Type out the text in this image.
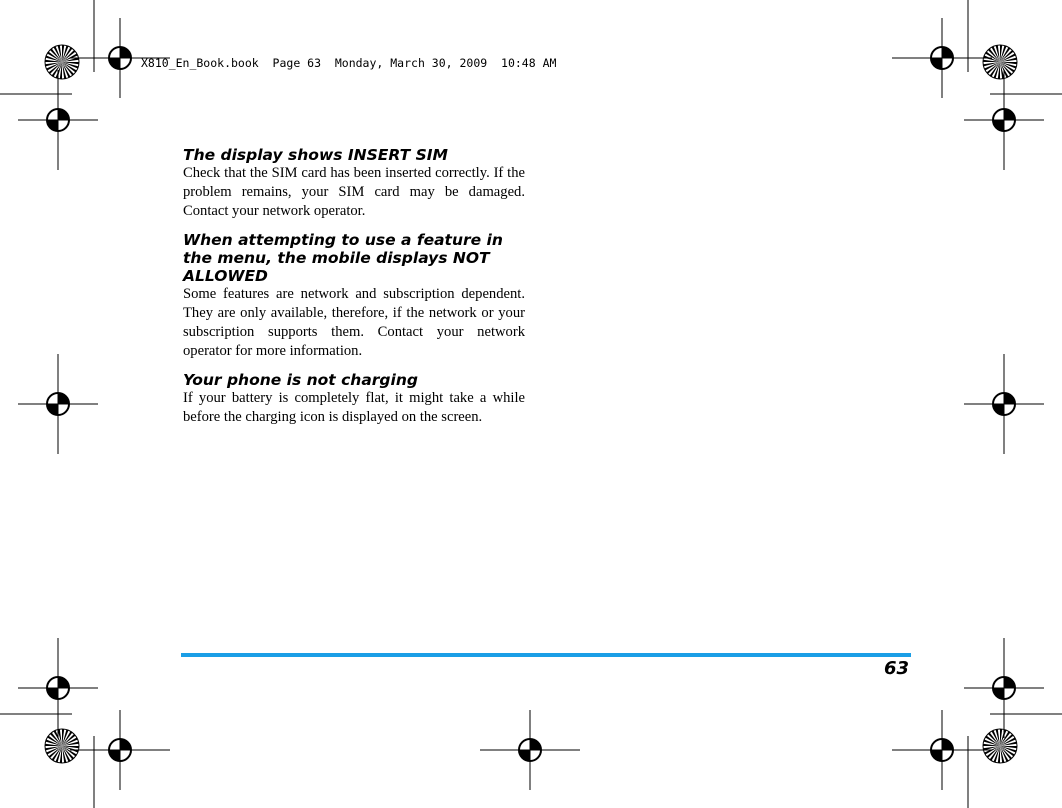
X810_En_Book.book  Page 63  Monday, March 30, 2009  10:48 AM
The display shows INSERT SIM

Check that the SIM card has been inserted correctly. If the problem remains, your SIM card may be damaged. Contact your network operator.

When attempting to use a feature in the menu, the mobile displays NOT ALLOWED

Some features are network and subscription dependent. They are only available, therefore, if the network or your subscription supports them. Contact your network operator for more information.

Your phone is not charging

If your battery is completely flat, it might take a while before the charging icon is displayed on the screen.

63
